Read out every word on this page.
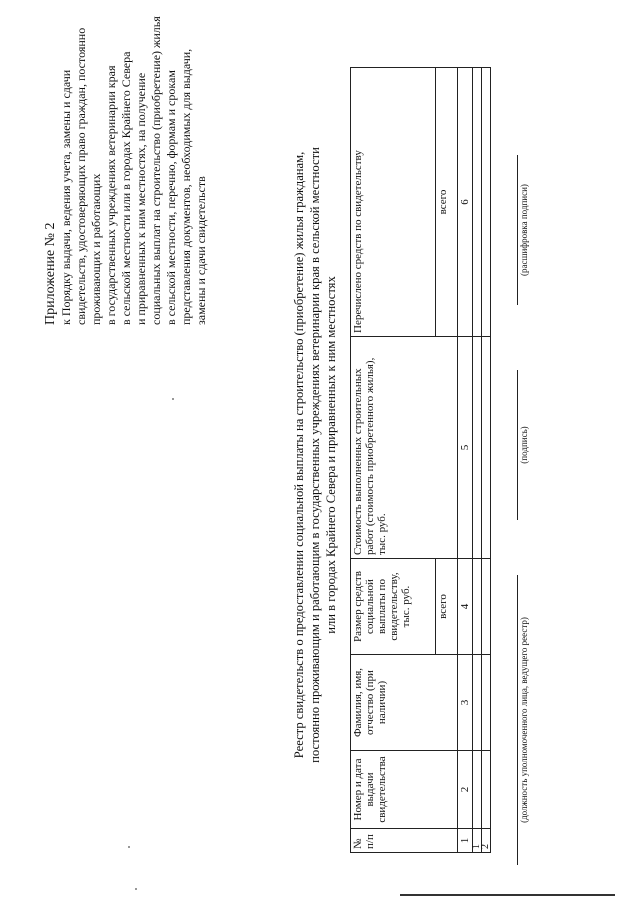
Приложение № 2 к Порядку выдачи, ведения учета, замены и сдачи свидетельств, удостоверяющих право граждан, постоянно проживающих и работающих в государственных учреждениях ветеринарии края в сельской местности или в городах Крайнего Севера и приравненных к ним местностях, на получение социальных выплат на строительство (приобретение) жилья в сельской местности, перечню, формам и срокам представления документов, необходимых для выдачи, замены и сдачи свидетельств	Реестр свидетельств о предоставлении социальной выплаты на строительство (приобретение) жилья гражданам, постоянно проживающим и работающим в государственных учреждениях ветеринарии края в сельской местности или в городах Крайнего Севера и приравненных к ним местностях
№ п/п	Номер и дата выдачи свидетельства	Фамилия, имя, отчество (при наличии)	Размер средств социальной выплаты по свидетельству, тыс. руб.	Стоимость выполненных строительных работ (стоимость приобретенного жилья), тыс. руб.	Перечислено средств по свидетельству
			всего		всего
1	2	3	4	5	6
1					
2					
(должность уполномоченного лица, ведущего реестр)
(подпись)
(расшифровка подписи)
